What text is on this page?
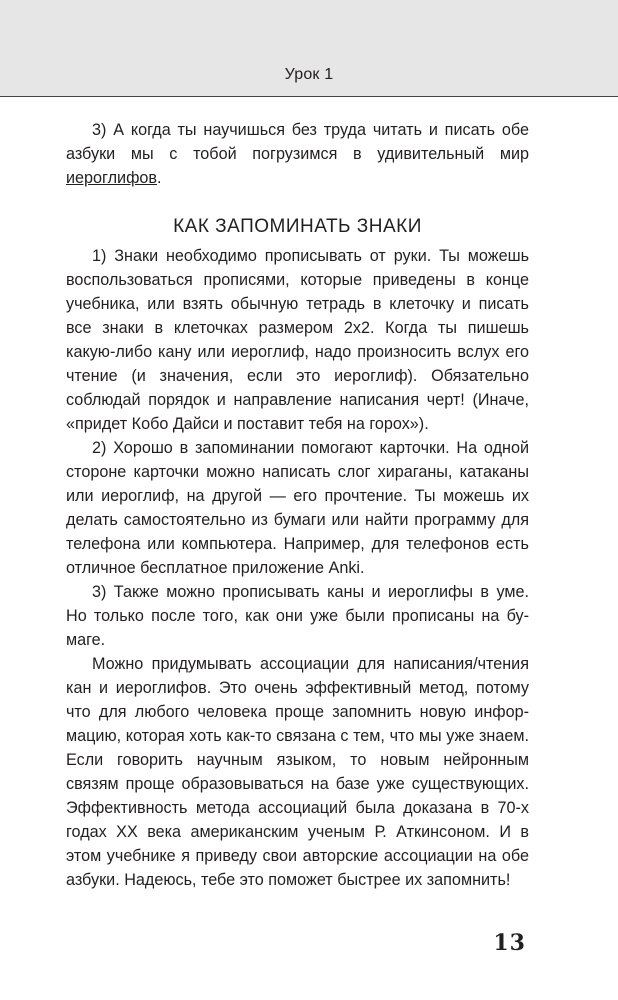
Урок 1

3) А когда ты научишься без труда читать и писать обе азбуки мы с тобой погрузимся в удивительный мир иероглифов.

КАК ЗАПОМИНАТЬ ЗНАКИ

1) Знаки необходимо прописывать от руки. Ты можешь воспользоваться прописями, которые приведены в конце учебника, или взять обычную тетрадь в клеточку и писать все знаки в клеточках размером 2х2. Когда ты пишешь какую-либо кану или иероглиф, надо произносить вслух его чтение (и значения, если это иероглиф). Обязательно соблюдай порядок и направление написания черт! (Иначе, «придет Кобо Дайси и поставит тебя на горох»).

2) Хорошо в запоминании помогают карточки. На одной стороне карточки можно написать слог хираганы, катаканы или иероглиф, на другой — его прочтение. Ты можешь их делать самостоятельно из бумаги или найти программу для телефона или компьютера. Например, для телефонов есть отличное бесплатное приложение Anki.

3) Также можно прописывать каны и иероглифы в уме. Но только после того, как они уже были прописаны на бумаге.

Можно придумывать ассоциации для написания/чтения кан и иероглифов. Это очень эффективный метод, потому что для любого человека проще запомнить новую информацию, которая хоть как-то связана с тем, что мы уже знаем. Если говорить научным языком, то новым нейронным связям проще образовываться на базе уже существующих. Эффективность метода ассоциаций была доказана в 70-х годах XX века американским ученым Р. Аткинсоном. И в этом учебнике я приведу свои авторские ассоциации на обе азбуки. Надеюсь, тебе это поможет быстрее их запомнить!

13
